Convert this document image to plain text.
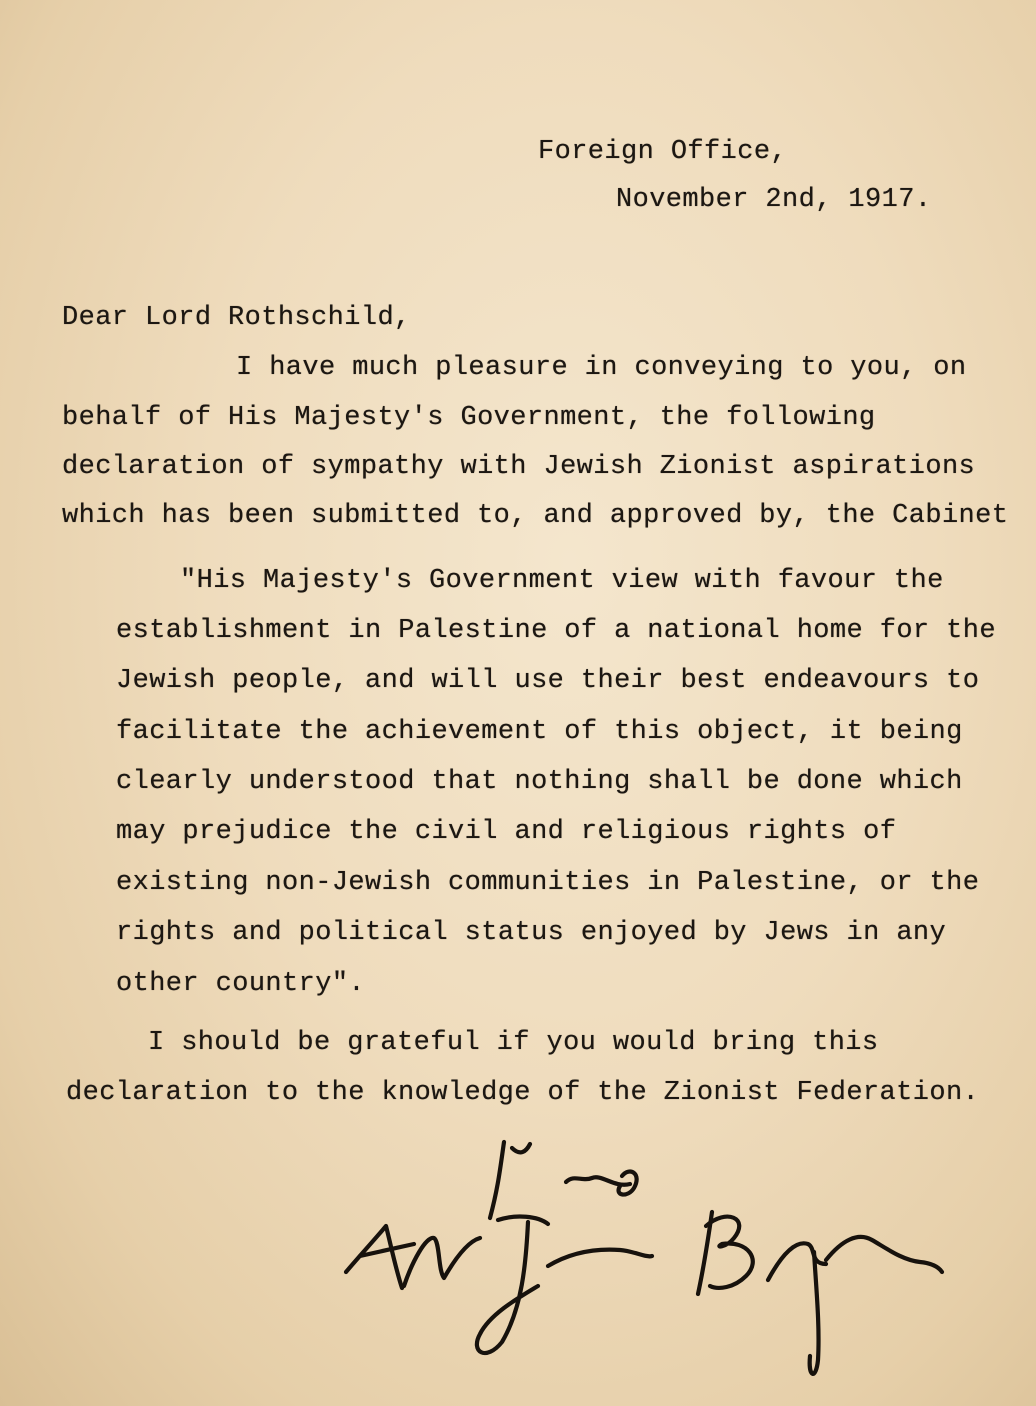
Foreign Office,
November 2nd, 1917.
Dear Lord Rothschild,
I have much pleasure in conveying to you, on
behalf of His Majesty's Government, the following
declaration of sympathy with Jewish Zionist aspirations
which has been submitted to, and approved by, the Cabinet
"His Majesty's Government view with favour the
establishment in Palestine of a national home for the
Jewish people, and will use their best endeavours to
facilitate the achievement of this object, it being
clearly understood that nothing shall be done which
may prejudice the civil and religious rights of
existing non-Jewish communities in Palestine, or the
rights and political status enjoyed by Jews in any
other country".
I should be grateful if you would bring this
declaration to the knowledge of the Zionist Federation.
